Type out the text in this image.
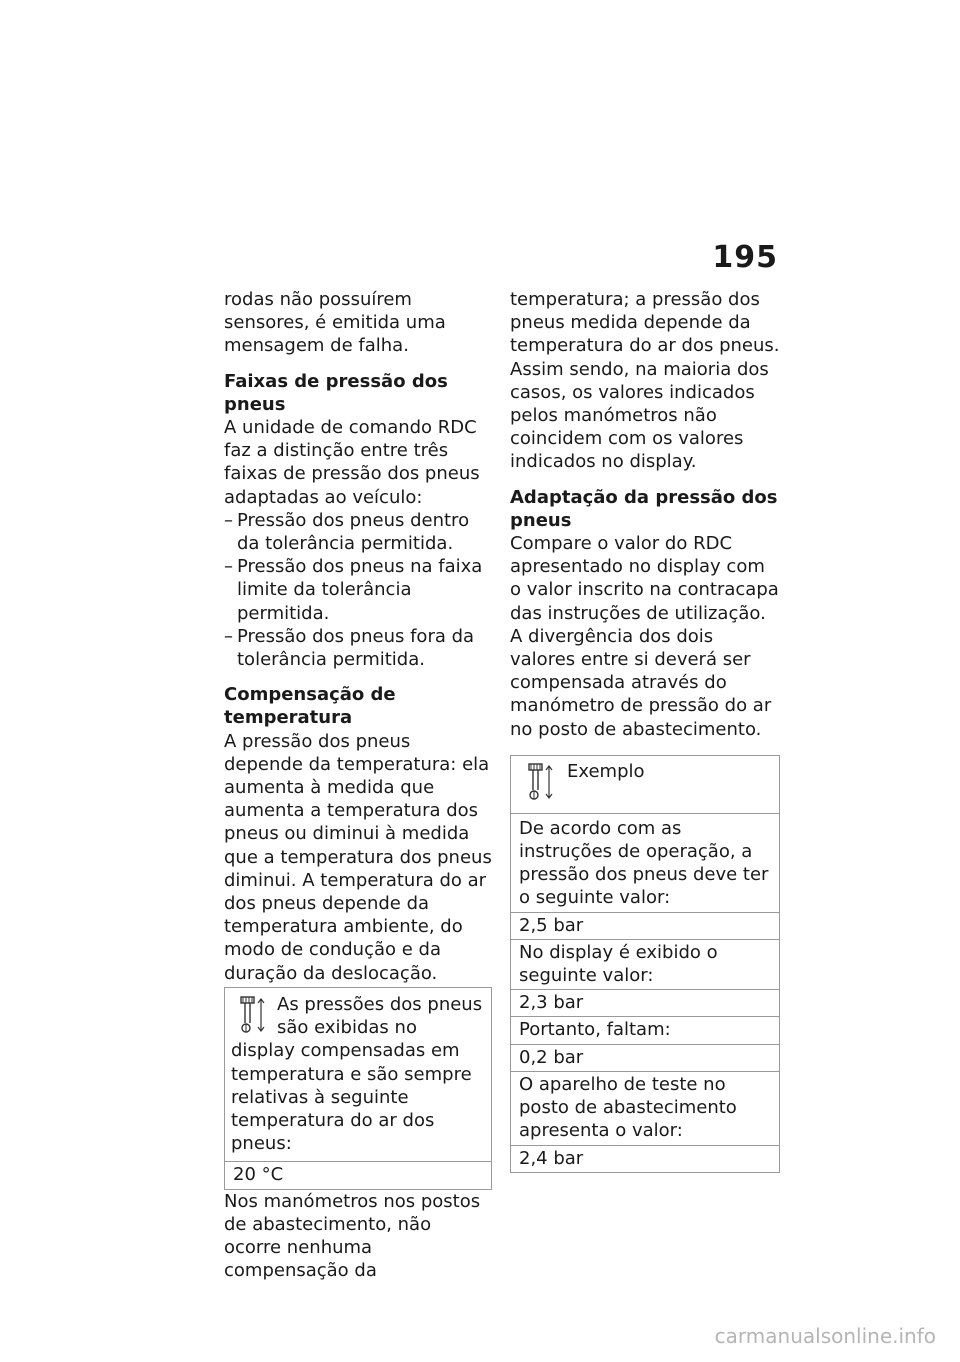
195

rodas não possuírem sensores, é emitida uma mensagem de falha.

Faixas de pressão dos pneus

A unidade de comando RDC faz a distinção entre três faixas de pressão dos pneus adaptadas ao veículo:

– Pressão dos pneus dentro da tolerância permitida.
– Pressão dos pneus na faixa limite da tolerância permitida.
– Pressão dos pneus fora da tolerância permitida.

Compensação de temperatura

A pressão dos pneus depende da temperatura: ela aumenta à medida que aumenta a temperatura dos pneus ou diminui à medida que a temperatura dos pneus diminui. A temperatura do ar dos pneus depende da temperatura ambiente, do modo de condução e da duração da deslocação.

As pressões dos pneus são exibidas no display compensadas em temperatura e são sempre relativas à seguinte temperatura do ar dos pneus:
20 °C

Nos manómetros nos postos de abastecimento, não ocorre nenhuma compensação da

temperatura; a pressão dos pneus medida depende da temperatura do ar dos pneus. Assim sendo, na maioria dos casos, os valores indicados pelos manómetros não coincidem com os valores indicados no display.

Adaptação da pressão dos pneus

Compare o valor do RDC apresentado no display com o valor inscrito na contracapa das instruções de utilização. A divergência dos dois valores entre si deverá ser compensada através do manómetro de pressão do ar no posto de abastecimento.

Exemplo
De acordo com as instruções de operação, a pressão dos pneus deve ter o seguinte valor:
2,5 bar
No display é exibido o seguinte valor:
2,3 bar
Portanto, faltam:
0,2 bar
O aparelho de teste no posto de abastecimento apresenta o valor:
2,4 bar
carmanualsonline.info
